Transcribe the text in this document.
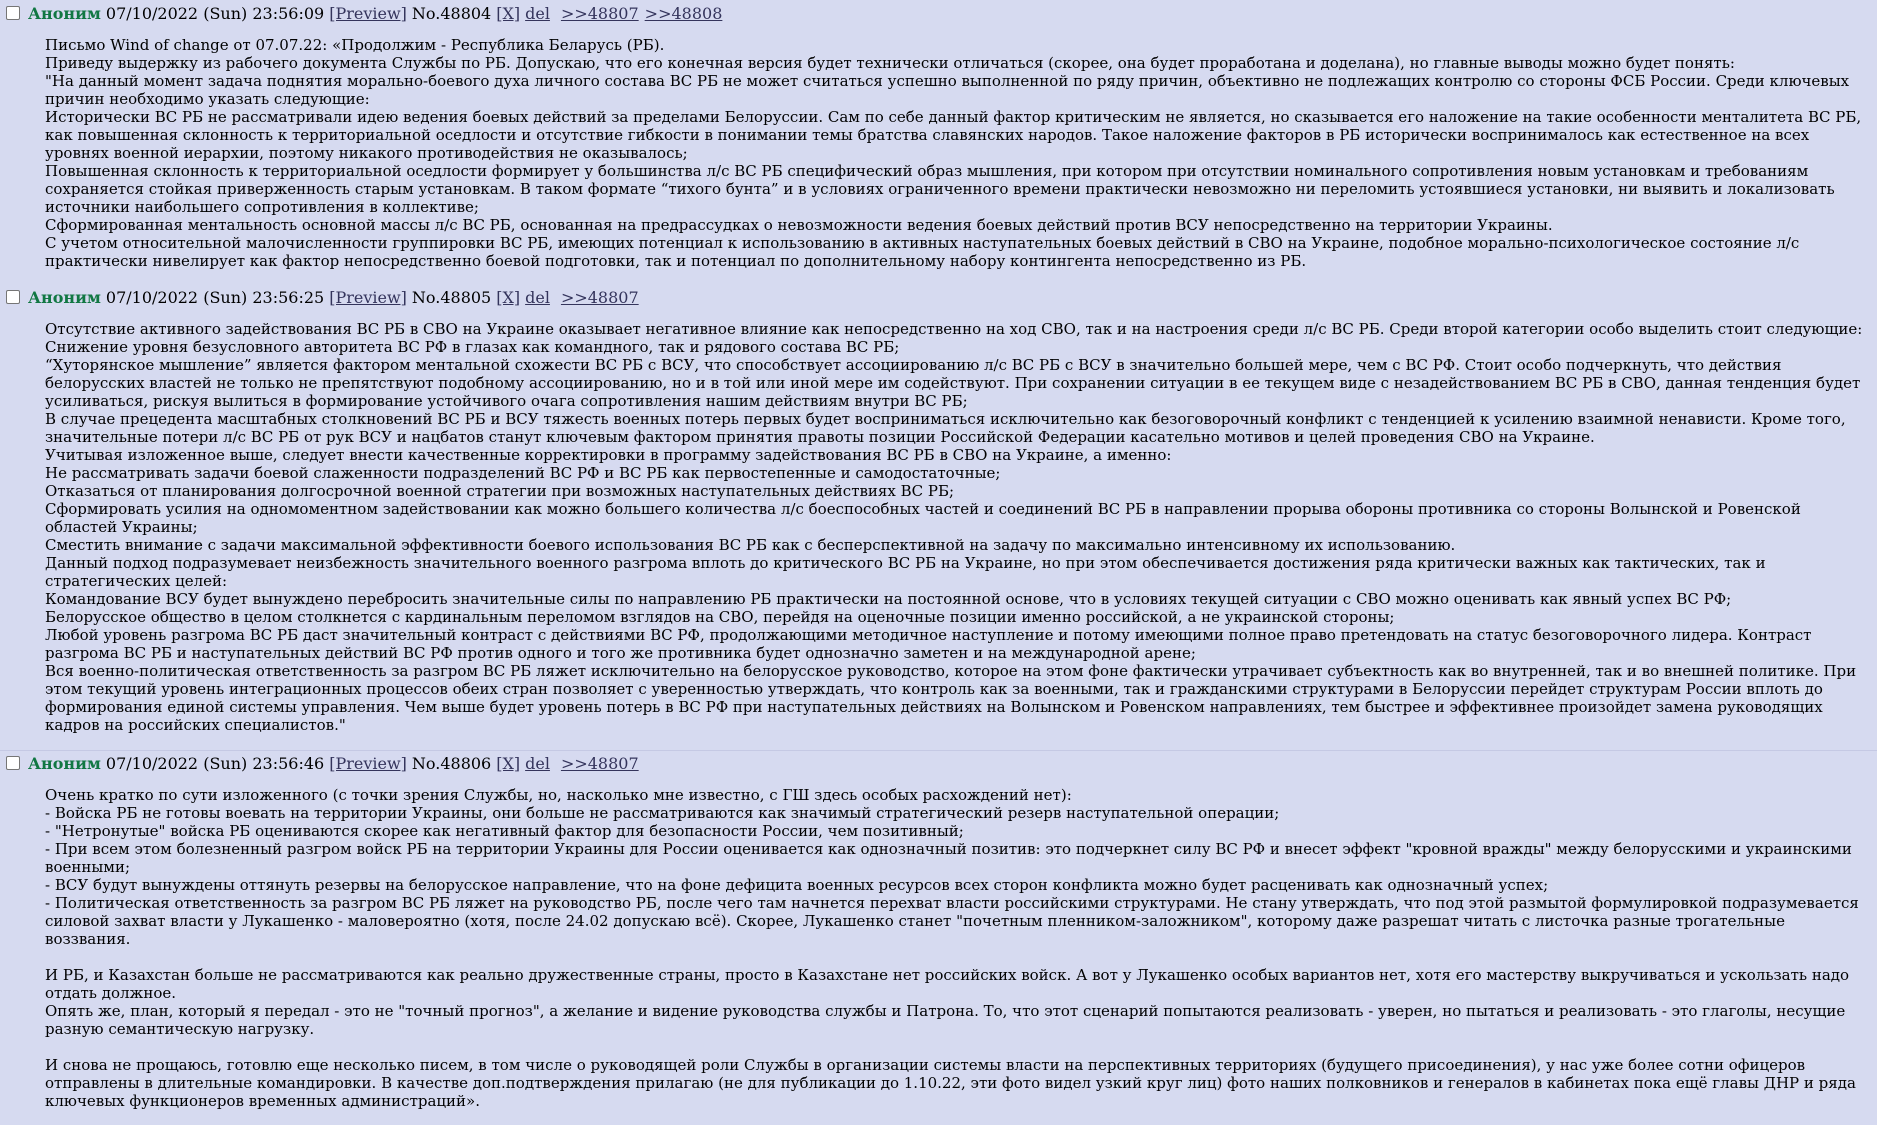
Аноним 07/10/2022 (Sun) 23:56:09 [Preview] No.48804 [X] del >>48807 >>48808

Письмо Wind of change от 07.07.22: «Продолжим - Республика Беларусь (РБ).

Приведу выдержку из рабочего документа Службы по РБ. Допускаю, что его конечная версия будет технически отличаться (скорее, она будет проработана и доделана), но главные выводы можно будет понять:

"На данный момент задача поднятия морально-боевого духа личного состава ВС РБ не может считаться успешно выполненной по ряду причин, объективно не подлежащих контролю со стороны ФСБ России. Среди ключевых причин необходимо указать следующие:

Исторически ВС РБ не рассматривали идею ведения боевых действий за пределами Белоруссии. Сам по себе данный фактор критическим не является, но сказывается его наложение на такие особенности менталитета ВС РБ, как повышенная склонность к территориальной оседлости и отсутствие гибкости в понимании темы братства славянских народов. Такое наложение факторов в РБ исторически воспринималось как естественное на всех уровнях военной иерархии, поэтому никакого противодействия не оказывалось;

Повышенная склонность к территориальной оседлости формирует у большинства л/с ВС РБ специфический образ мышления, при котором при отсутствии номинального сопротивления новым установкам и требованиям сохраняется стойкая приверженность старым установкам. В таком формате “тихого бунта” и в условиях ограниченного времени практически невозможно ни переломить устоявшиеся установки, ни выявить и локализовать источники наибольшего сопротивления в коллективе;

Сформированная ментальность основной массы л/с ВС РБ, основанная на предрассудках о невозможности ведения боевых действий против ВСУ непосредственно на территории Украины.

С учетом относительной малочисленности группировки ВС РБ, имеющих потенциал к использованию в активных наступательных боевых действий в СВО на Украине, подобное морально-психологическое состояние л/с практически нивелирует как фактор непосредственно боевой подготовки, так и потенциал по дополнительному набору контингента непосредственно из РБ.

Аноним 07/10/2022 (Sun) 23:56:25 [Preview] No.48805 [X] del >>48807

Отсутствие активного задействования ВС РБ в СВО на Украине оказывает негативное влияние как непосредственно на ход СВО, так и на настроения среди л/с ВС РБ. Среди второй категории особо выделить стоит следующие:

Снижение уровня безусловного авторитета ВС РФ в глазах как командного, так и рядового состава ВС РБ;

“Хуторянское мышление” является фактором ментальной схожести ВС РБ с ВСУ, что способствует ассоциированию л/с ВС РБ с ВСУ в значительно большей мере, чем с ВС РФ. Стоит особо подчеркнуть, что действия белорусских властей не только не препятствуют подобному ассоциированию, но и в той или иной мере им содействуют. При сохранении ситуации в ее текущем виде с незадействованием ВС РБ в СВО, данная тенденция будет усиливаться, рискуя вылиться в формирование устойчивого очага сопротивления нашим действиям внутри ВС РБ;

В случае прецедента масштабных столкновений ВС РБ и ВСУ тяжесть военных потерь первых будет восприниматься исключительно как безоговорочный конфликт с тенденцией к усилению взаимной ненависти. Кроме того, значительные потери л/с ВС РБ от рук ВСУ и нацбатов станут ключевым фактором принятия правоты позиции Российской Федерации касательно мотивов и целей проведения СВО на Украине.

Учитывая изложенное выше, следует внести качественные корректировки в программу задействования ВС РБ в СВО на Украине, а именно:

Не рассматривать задачи боевой слаженности подразделений ВС РФ и ВС РБ как первостепенные и самодостаточные;

Отказаться от планирования долгосрочной военной стратегии при возможных наступательных действиях ВС РБ;

Сформировать усилия на одномоментном задействовании как можно большего количества л/с боеспособных частей и соединений ВС РБ в направлении прорыва обороны противника со стороны Волынской и Ровенской областей Украины;

Сместить внимание с задачи максимальной эффективности боевого использования ВС РБ как с бесперспективной на задачу по максимально интенсивному их использованию.

Данный подход подразумевает неизбежность значительного военного разгрома вплоть до критического ВС РБ на Украине, но при этом обеспечивается достижения ряда критически важных как тактических, так и стратегических целей:

Командование ВСУ будет вынуждено перебросить значительные силы по направлению РБ практически на постоянной основе, что в условиях текущей ситуации с СВО можно оценивать как явный успех ВС РФ;

Белорусское общество в целом столкнется с кардинальным переломом взглядов на СВО, перейдя на оценочные позиции именно российской, а не украинской стороны;

Любой уровень разгрома ВС РБ даст значительный контраст с действиями ВС РФ, продолжающими методичное наступление и потому имеющими полное право претендовать на статус безоговорочного лидера. Контраст разгрома ВС РБ и наступательных действий ВС РФ против одного и того же противника будет однозначно заметен и на международной арене;

Вся военно-политическая ответственность за разгром ВС РБ ляжет исключительно на белорусское руководство, которое на этом фоне фактически утрачивает субъектность как во внутренней, так и во внешней политике. При этом текущий уровень интеграционных процессов обеих стран позволяет с уверенностью утверждать, что контроль как за военными, так и гражданскими структурами в Белоруссии перейдет структурам России вплоть до формирования единой системы управления. Чем выше будет уровень потерь в ВС РФ при наступательных действиях на Волынском и Ровенском направлениях, тем быстрее и эффективнее произойдет замена руководящих кадров на российских специалистов."

Аноним 07/10/2022 (Sun) 23:56:46 [Preview] No.48806 [X] del >>48807

Очень кратко по сути изложенного (с точки зрения Службы, но, насколько мне известно, с ГШ здесь особых расхождений нет):

- Войска РБ не готовы воевать на территории Украины, они больше не рассматриваются как значимый стратегический резерв наступательной операции;

- "Нетронутые" войска РБ оцениваются скорее как негативный фактор для безопасности России, чем позитивный;

- При всем этом болезненный разгром войск РБ на территории Украины для России оценивается как однозначный позитив: это подчеркнет силу ВС РФ и внесет эффект "кровной вражды" между белорусскими и украинскими военными;

- ВСУ будут вынуждены оттянуть резервы на белорусское направление, что на фоне дефицита военных ресурсов всех сторон конфликта можно будет расценивать как однозначный успех;

- Политическая ответственность за разгром ВС РБ ляжет на руководство РБ, после чего там начнется перехват власти российскими структурами. Не стану утверждать, что под этой размытой формулировкой подразумевается силовой захват власти у Лукашенко - маловероятно (хотя, после 24.02 допускаю всё). Скорее, Лукашенко станет "почетным пленником-заложником", которому даже разрешат читать с листочка разные трогательные воззвания.

И РБ, и Казахстан больше не рассматриваются как реально дружественные страны, просто в Казахстане нет российских войск. А вот у Лукашенко особых вариантов нет, хотя его мастерству выкручиваться и ускользать надо отдать должное.

Опять же, план, который я передал - это не "точный прогноз", а желание и видение руководства службы и Патрона. То, что этот сценарий попытаются реализовать - уверен, но пытаться и реализовать - это глаголы, несущие разную семантическую нагрузку.

И снова не прощаюсь, готовлю еще несколько писем, в том числе о руководящей роли Службы в организации системы власти на перспективных территориях (будущего присоединения), у нас уже более сотни офицеров отправлены в длительные командировки. В качестве доп.подтверждения прилагаю (не для публикации до 1.10.22, эти фото видел узкий круг лиц) фото наших полковников и генералов в кабинетах пока ещё главы ДНР и ряда ключевых функционеров временных администраций».
